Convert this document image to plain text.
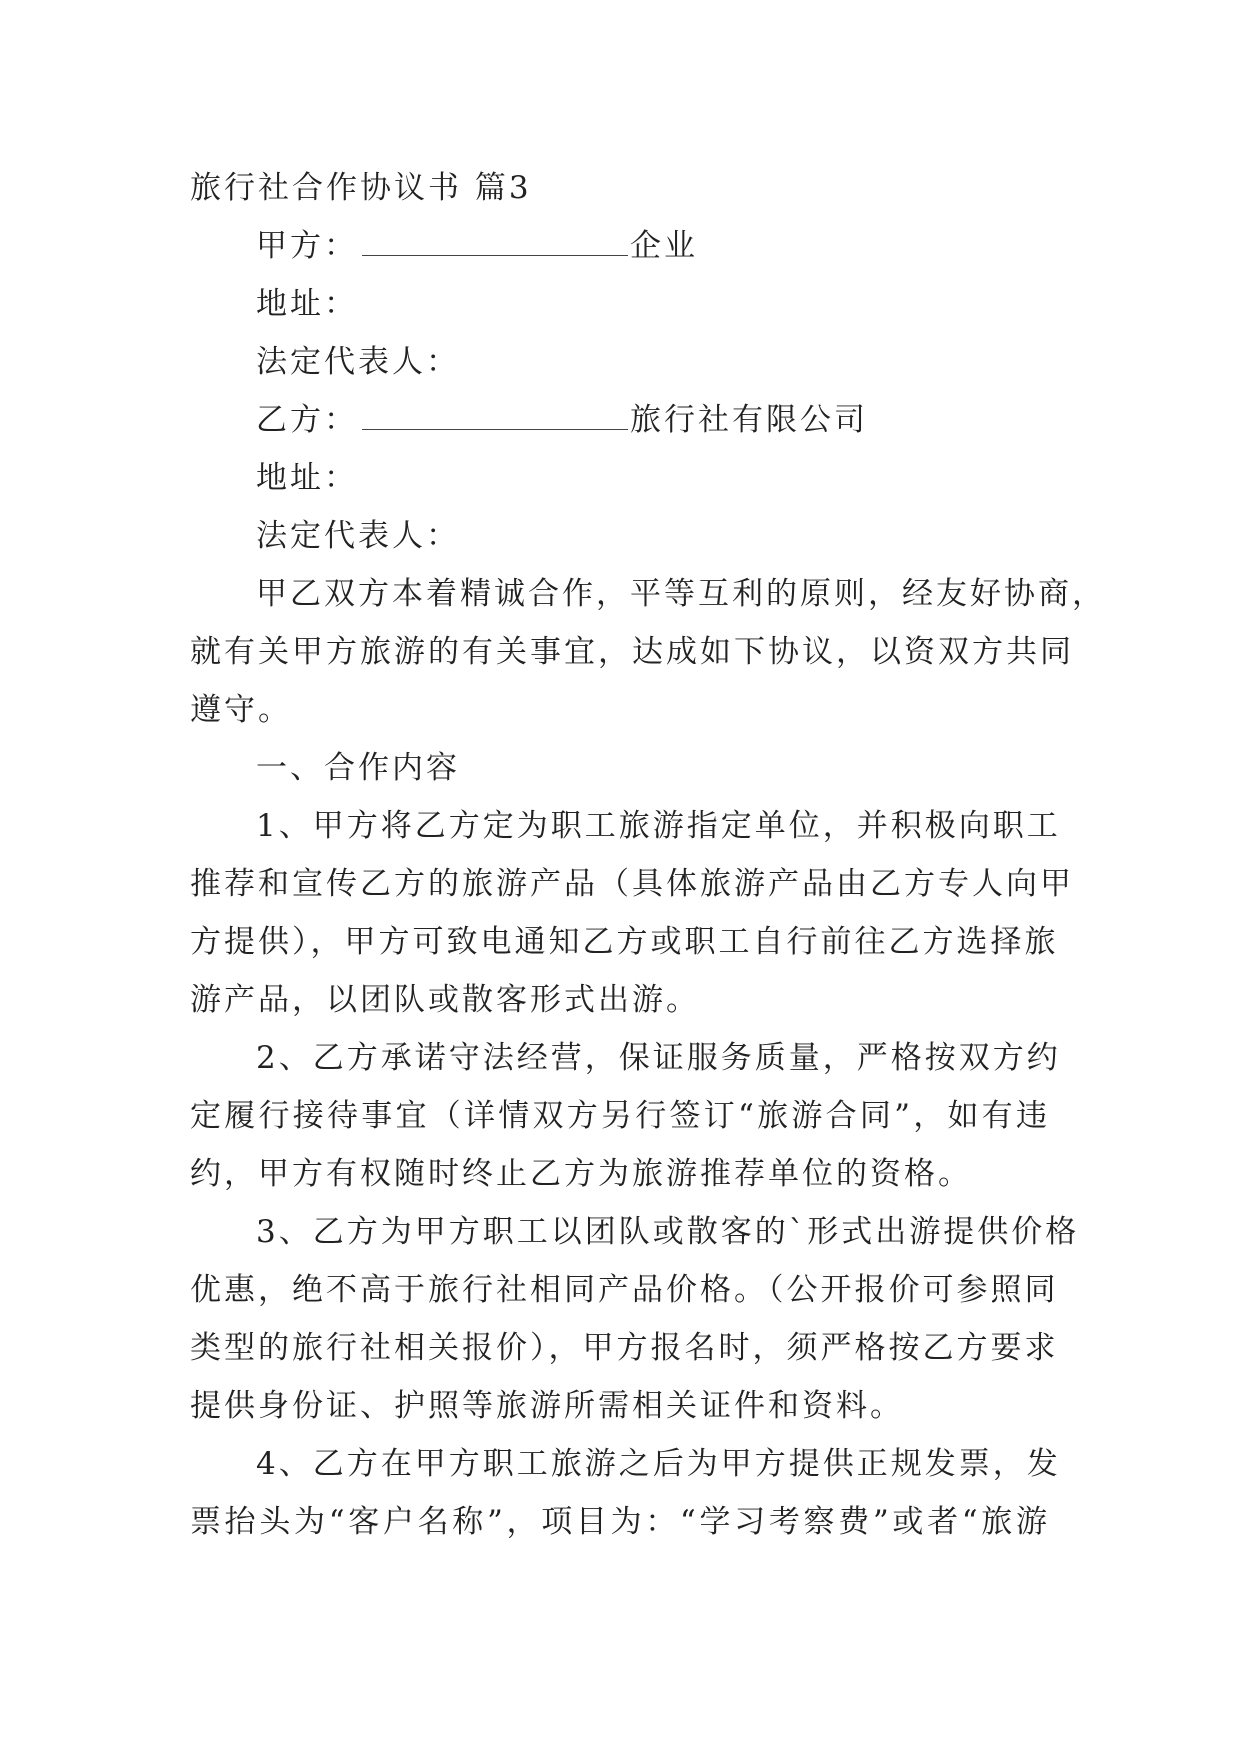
旅行社合作协议书 篇3
甲方：	企业
地址：
法定代表人：
乙方：	旅行社有限公司
地址：
法定代表人：
甲乙双方本着精诚合作，平等互利的原则，经友好协商，
就有关甲方旅游的有关事宜，达成如下协议，以资双方共同
遵守。
一、合作内容
1、甲方将乙方定为职工旅游指定单位，并积极向职工
推荐和宣传乙方的旅游产品（具体旅游产品由乙方专人向甲
方提供），甲方可致电通知乙方或职工自行前往乙方选择旅
游产品，以团队或散客形式出游。
2、乙方承诺守法经营，保证服务质量，严格按双方约
定履行接待事宜（详情双方另行签订“旅游合同”，如有违
约，甲方有权随时终止乙方为旅游推荐单位的资格。
3、乙方为甲方职工以团队或散客的`形式出游提供价格
优惠，绝不高于旅行社相同产品价格。（公开报价可参照同
类型的旅行社相关报价），甲方报名时，须严格按乙方要求
提供身份证、护照等旅游所需相关证件和资料。
4、乙方在甲方职工旅游之后为甲方提供正规发票，发
票抬头为“客户名称”，项目为：“学习考察费”或者“旅游
